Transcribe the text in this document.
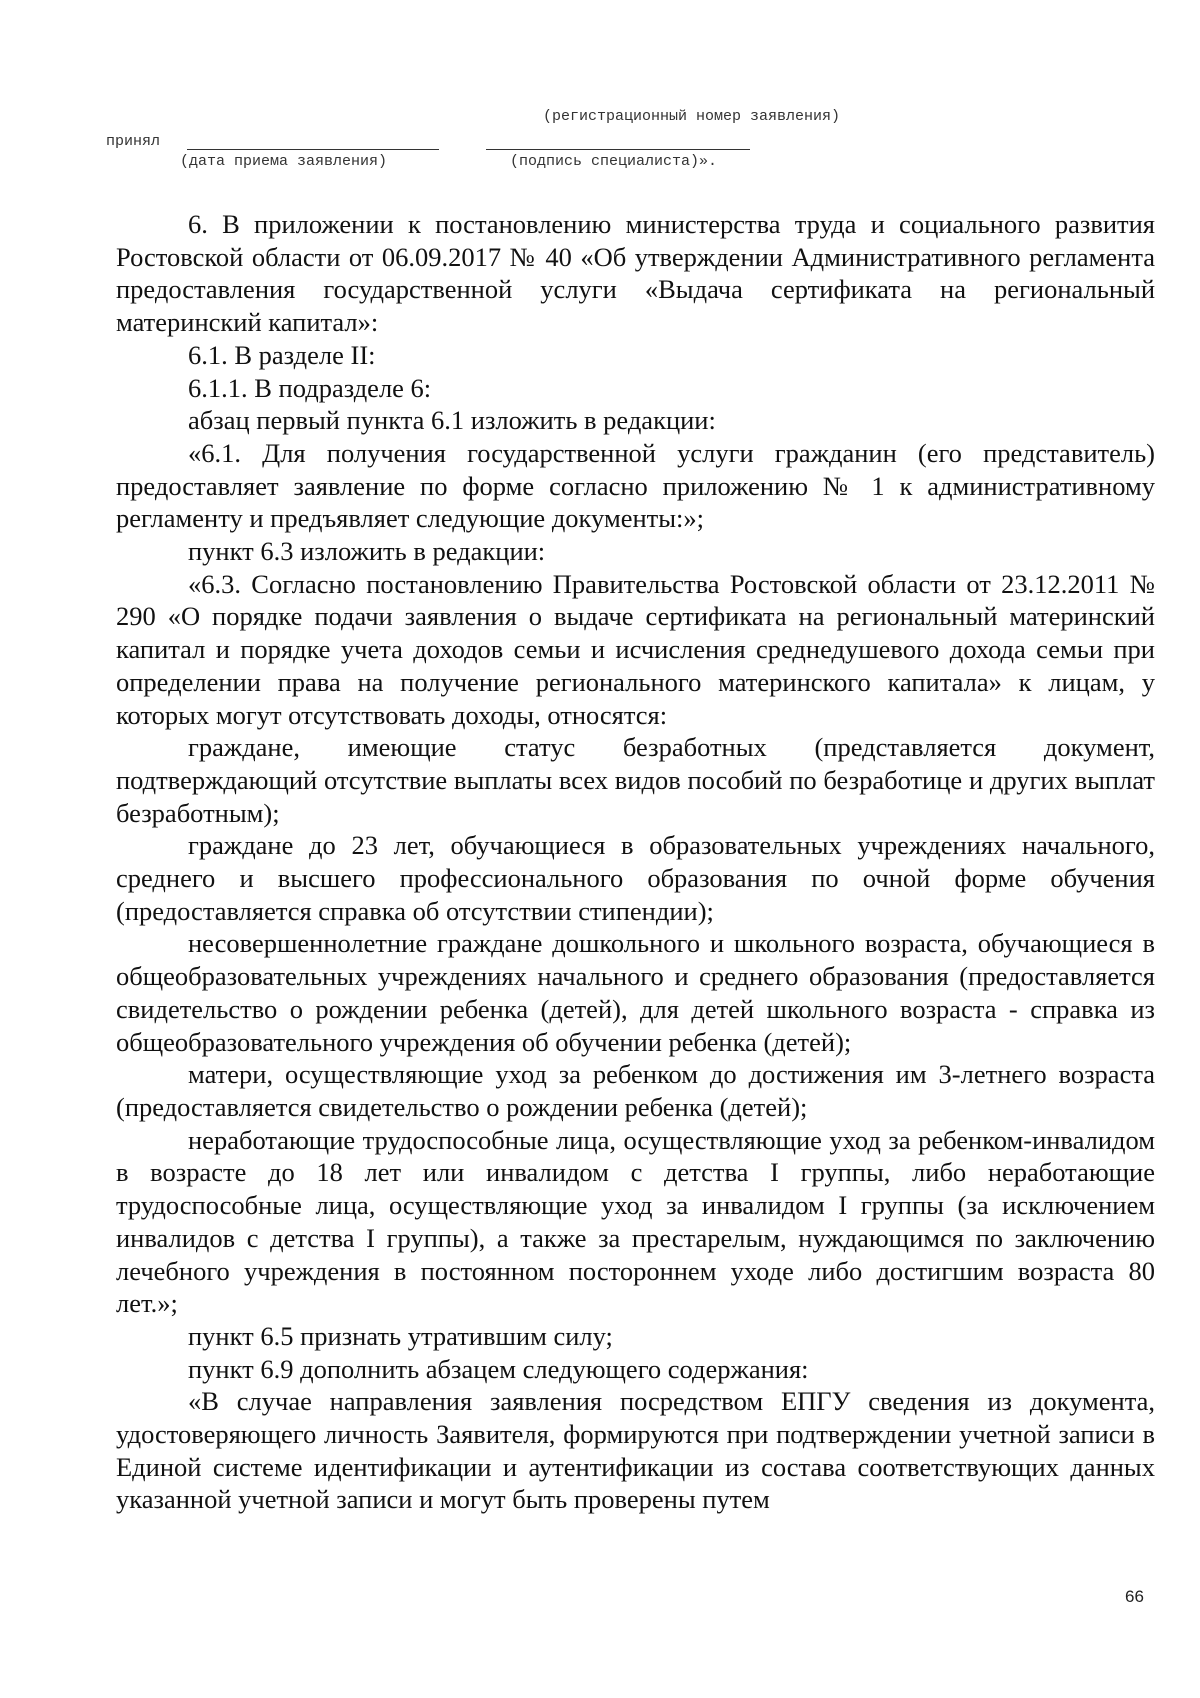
(регистрационный номер заявления)
принял
(дата приема заявления)	(подпись специалиста)».

6. В приложении к постановлению министерства труда и социального развития Ростовской области от 06.09.2017 № 40 «Об утверждении Административного регламента предоставления государственной услуги «Выдача сертификата на региональный материнский капитал»:

6.1. В разделе II:

6.1.1. В подразделе 6:

абзац первый пункта 6.1 изложить в редакции:

«6.1. Для получения государственной услуги гражданин (его представитель) предоставляет заявление по форме согласно приложению № 1 к административному регламенту и предъявляет следующие документы:»;

пункт 6.3 изложить в редакции:

«6.3. Согласно постановлению Правительства Ростовской области от 23.12.2011 № 290 «О порядке подачи заявления о выдаче сертификата на региональный материнский капитал и порядке учета доходов семьи и исчисления среднедушевого дохода семьи при определении права на получение регионального материнского капитала» к лицам, у которых могут отсутствовать доходы, относятся:

граждане, имеющие статус безработных (представляется документ, подтверждающий отсутствие выплаты всех видов пособий по безработице и других выплат безработным);

граждане до 23 лет, обучающиеся в образовательных учреждениях начального, среднего и высшего профессионального образования по очной форме обучения (предоставляется справка об отсутствии стипендии);

несовершеннолетние граждане дошкольного и школьного возраста, обучающиеся в общеобразовательных учреждениях начального и среднего образования (предоставляется свидетельство о рождении ребенка (детей), для детей школьного возраста - справка из общеобразовательного учреждения об обучении ребенка (детей);

матери, осуществляющие уход за ребенком до достижения им 3-летнего возраста (предоставляется свидетельство о рождении ребенка (детей);

неработающие трудоспособные лица, осуществляющие уход за ребенком-инвалидом в возрасте до 18 лет или инвалидом с детства I группы, либо неработающие трудоспособные лица, осуществляющие уход за инвалидом I группы (за исключением инвалидов с детства I группы), а также за престарелым, нуждающимся по заключению лечебного учреждения в постоянном постороннем уходе либо достигшим возраста 80 лет.»;

пункт 6.5 признать утратившим силу;

пункт 6.9 дополнить абзацем следующего содержания:

«В случае направления заявления посредством ЕПГУ сведения из документа, удостоверяющего личность Заявителя, формируются при подтверждении учетной записи в Единой системе идентификации и аутентификации из состава соответствующих данных указанной учетной записи и могут быть проверены путем

66
